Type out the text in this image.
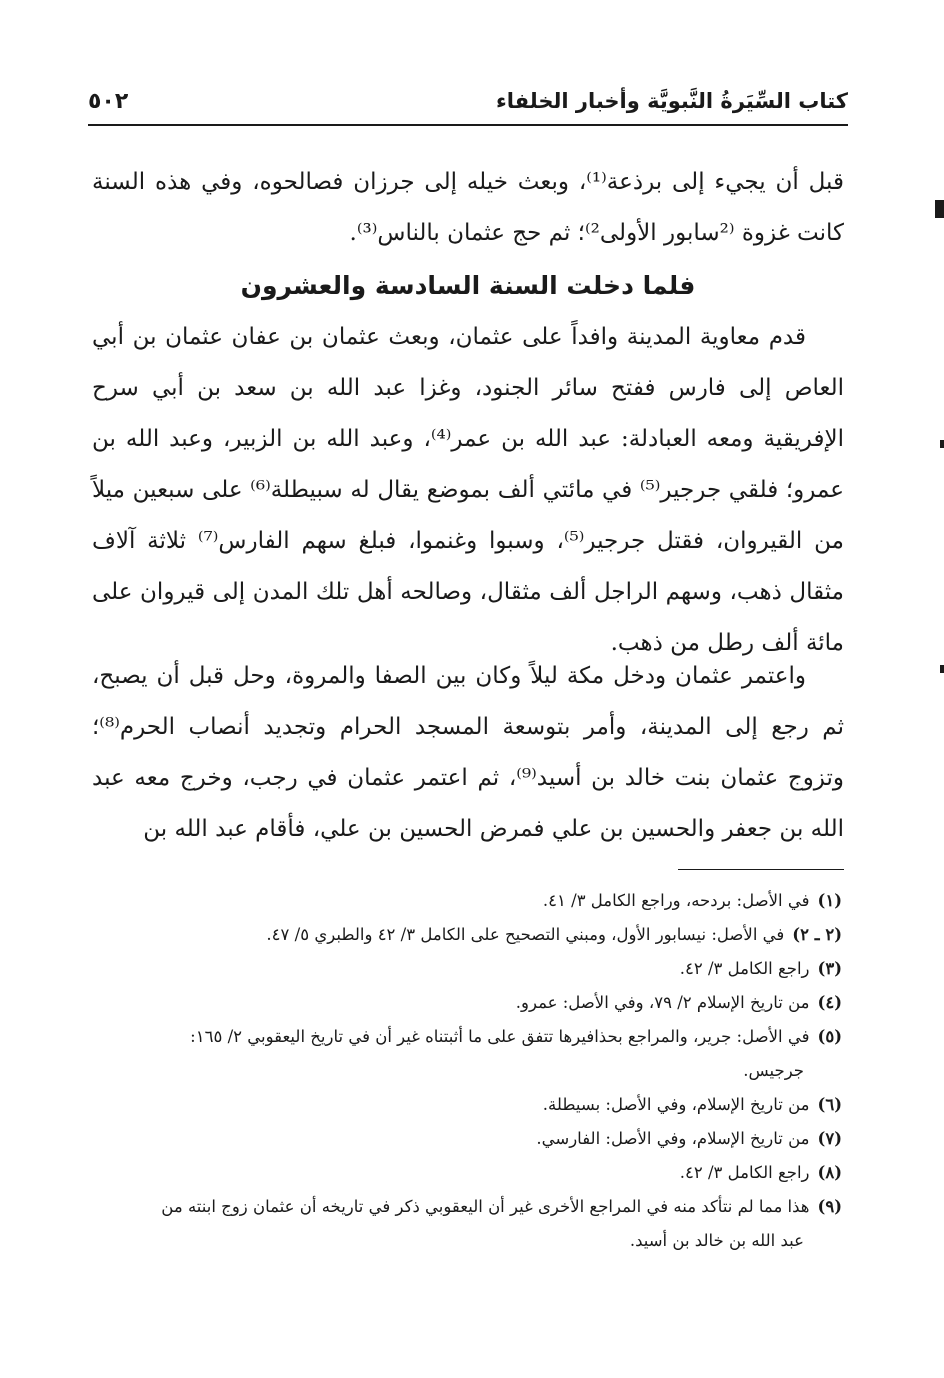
كتاب السِّيَرةُ النَّبويَّة وأخبار الخلفاء
٥٠٢

قبل أن يجيء إلى برذعة⁽¹⁾، وبعث خيله إلى جرزان فصالحوه، وفي هذه السنة كانت غزوة ⁽²سابور الأولى²⁾؛ ثم حج عثمان بالناس⁽³⁾.

فلما دخلت السنة السادسة والعشرون

قدم معاوية المدينة وافداً على عثمان، وبعث عثمان بن عفان عثمان بن أبي العاص إلى فارس ففتح سائر الجنود، وغزا عبد الله بن سعد بن أبي سرح الإفريقية ومعه العبادلة: عبد الله بن عمر⁽⁴⁾، وعبد الله بن الزبير، وعبد الله بن عمرو؛ فلقي جرجير⁽⁵⁾ في مائتي ألف بموضع يقال له سبيطلة⁽⁶⁾ على سبعين ميلاً من القيروان، فقتل جرجير⁽⁵⁾، وسبوا وغنموا، فبلغ سهم الفارس⁽⁷⁾ ثلاثة آلاف مثقال ذهب، وسهم الراجل ألف مثقال، وصالحه أهل تلك المدن إلى قيروان على مائة ألف رطل من ذهب.

واعتمر عثمان ودخل مكة ليلاً وكان بين الصفا والمروة، وحل قبل أن يصبح، ثم رجع إلى المدينة، وأمر بتوسعة المسجد الحرام وتجديد أنصاب الحرم⁽⁸⁾؛ وتزوج عثمان بنت خالد بن أسيد⁽⁹⁾، ثم اعتمر عثمان في رجب، وخرج معه عبد الله بن جعفر والحسين بن علي فمرض الحسين بن علي، فأقام عبد الله بن

(١)في الأصل: بردحه، وراجع الكامل ٣/ ٤١.
(٢ ـ ٢)في الأصل: نيسابور الأول، ومبني التصحيح على الكامل ٣/ ٤٢ والطبري ٥/ ٤٧.
(٣)راجع الكامل ٣/ ٤٢.
(٤)من تاريخ الإسلام ٢/ ٧٩، وفي الأصل: عمرو.
(٥)في الأصل: جرير، والمراجع بحذافيرها تتفق على ما أثبتناه غير أن في تاريخ اليعقوبي ٢/ ١٦٥:
جرجيس.
(٦)من تاريخ الإسلام، وفي الأصل: بسيطلة.
(٧)من تاريخ الإسلام، وفي الأصل: الفارسي.
(٨)راجع الكامل ٣/ ٤٢.
(٩)هذا مما لم نتأكد منه في المراجع الأخرى غير أن اليعقوبي ذكر في تاريخه أن عثمان زوج ابنته من
عبد الله بن خالد بن أسيد.
